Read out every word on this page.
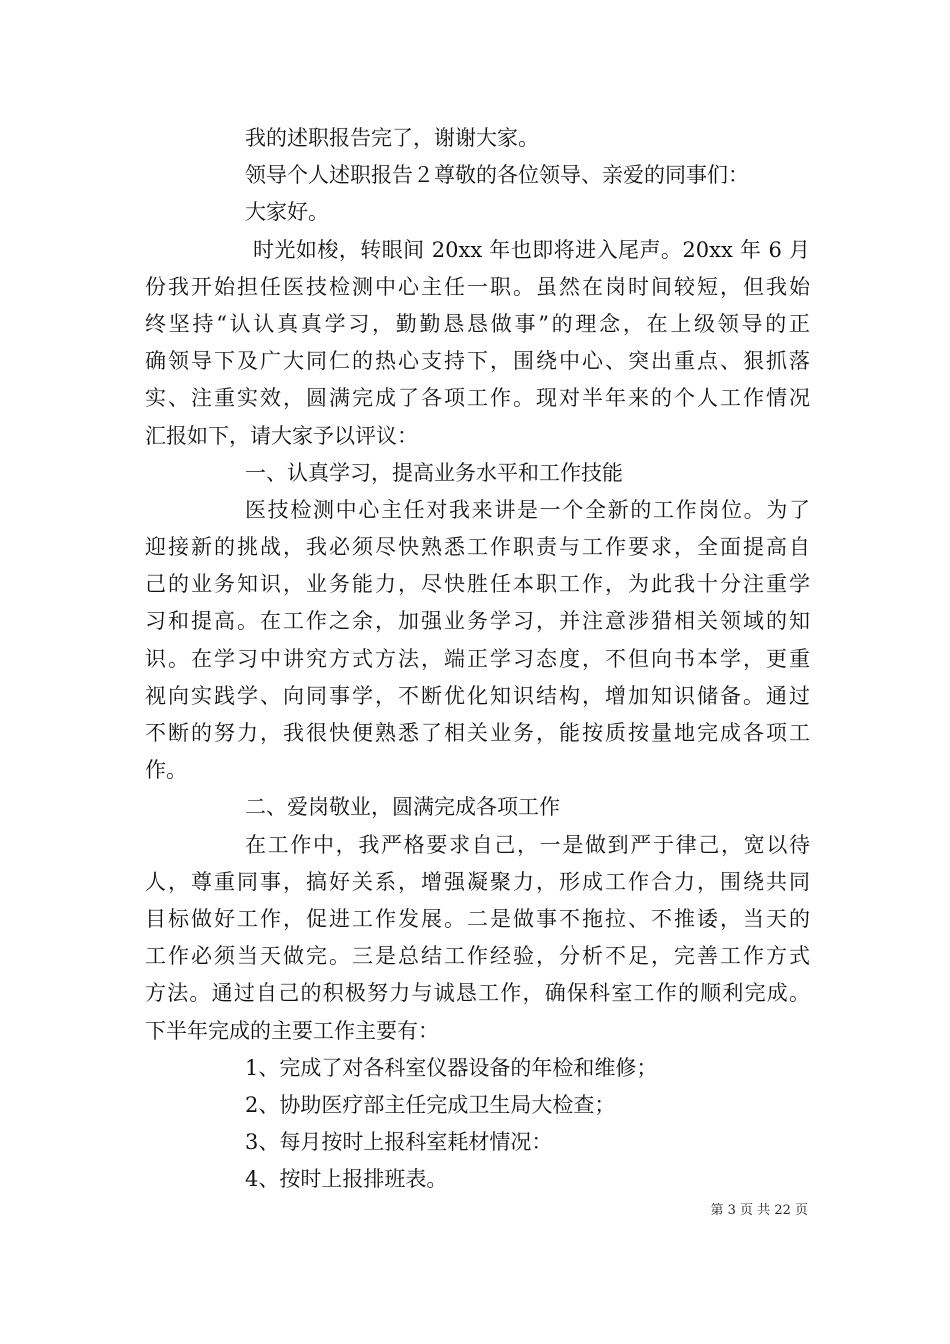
我的述职报告完了，谢谢大家。
领导个人述职报告２尊敬的各位领导、亲爱的同事们：
大家好。
时光如梭，转眼间 20xx 年也即将进入尾声。20xx 年 6 月
份我开始担任医技检测中心主任一职。虽然在岗时间较短，但我始
终坚持“认认真真学习，勤勤恳恳做事”的理念，在上级领导的正
确领导下及广大同仁的热心支持下，围绕中心、突出重点、狠抓落
实、注重实效，圆满完成了各项工作。现对半年来的个人工作情况
汇报如下，请大家予以评议：
一、认真学习，提高业务水平和工作技能
医技检测中心主任对我来讲是一个全新的工作岗位。为了
迎接新的挑战，我必须尽快熟悉工作职责与工作要求，全面提高自
己的业务知识，业务能力，尽快胜任本职工作，为此我十分注重学
习和提高。在工作之余，加强业务学习，并注意涉猎相关领域的知
识。在学习中讲究方式方法，端正学习态度，不但向书本学，更重
视向实践学、向同事学，不断优化知识结构，增加知识储备。通过
不断的努力，我很快便熟悉了相关业务，能按质按量地完成各项工
作。
二、爱岗敬业，圆满完成各项工作
在工作中，我严格要求自己，一是做到严于律己，宽以待
人，尊重同事，搞好关系，增强凝聚力，形成工作合力，围绕共同
目标做好工作，促进工作发展。二是做事不拖拉、不推诿，当天的
工作必须当天做完。三是总结工作经验，分析不足，完善工作方式
方法。通过自己的积极努力与诚恳工作，确保科室工作的顺利完成。
下半年完成的主要工作主要有：
1、完成了对各科室仪器设备的年检和维修；
2、协助医疗部主任完成卫生局大检查；
3、每月按时上报科室耗材情况：
4、按时上报排班表。
第 3 页 共 22 页
